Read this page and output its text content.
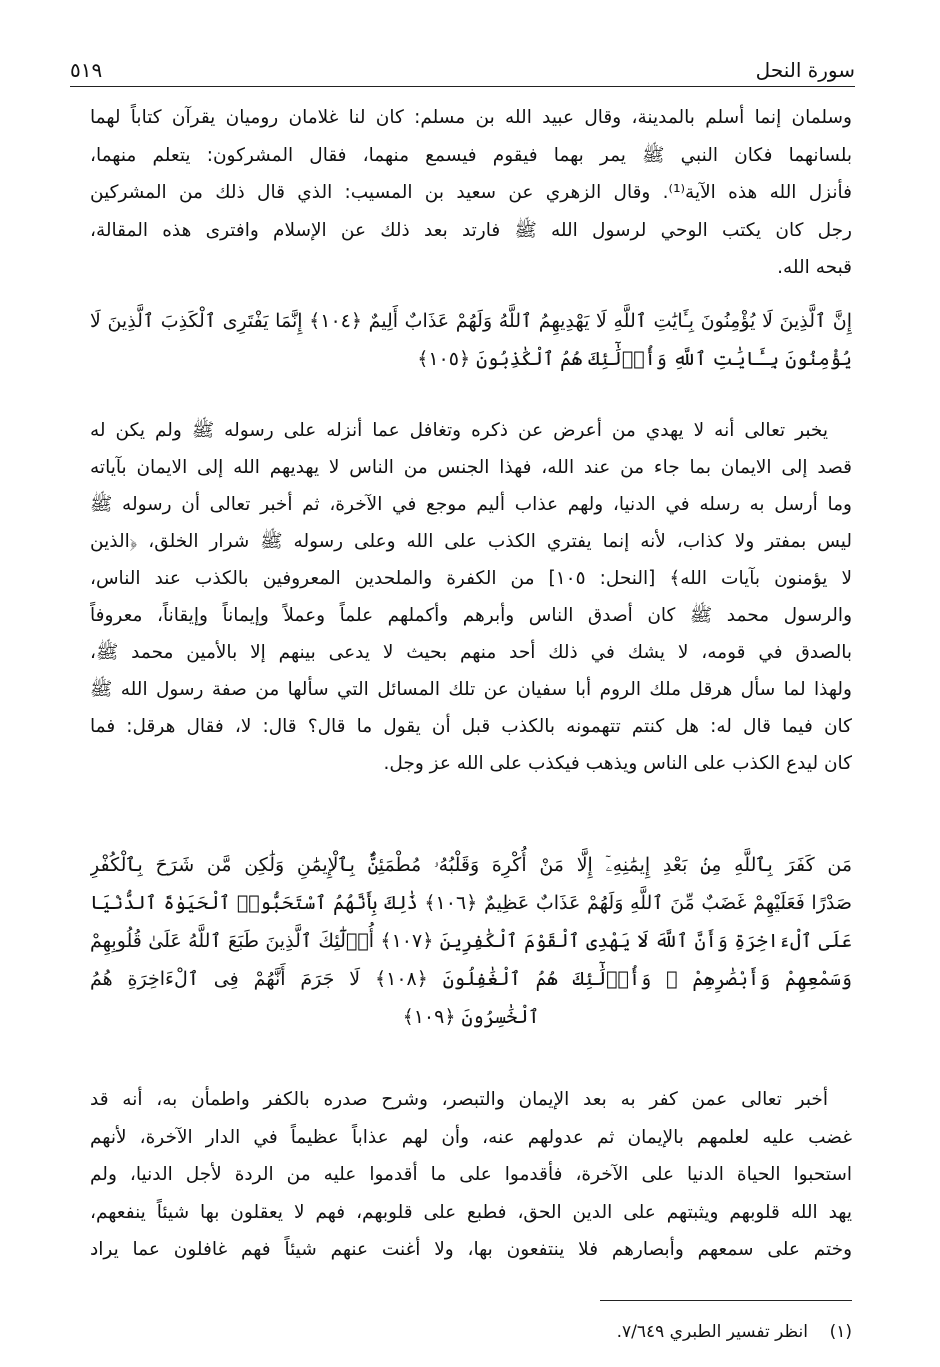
سورة النحل
٥١٩
وسلمان إنما أسلم بالمدينة، وقال عبيد الله بن مسلم: كان لنا غلامان روميان يقرآن كتاباً لهما
بلسانهما فكان النبي ﷺ يمر بهما فيقوم فيسمع منهما، فقال المشركون: يتعلم منهما،
فأنزل الله هذه الآية⁽¹⁾. وقال الزهري عن سعيد بن المسيب: الذي قال ذلك من المشركين
رجل كان يكتب الوحي لرسول الله ﷺ فارتد بعد ذلك عن الإسلام وافترى هذه المقالة،
قبحه الله.
إِنَّ ٱلَّذِينَ لَا يُؤْمِنُونَ بِـَٔايَٰتِ ٱللَّهِ لَا يَهْدِيهِمُ ٱللَّهُ وَلَهُمْ عَذَابٌ أَلِيمٌ ﴿١٠٤﴾ إِنَّمَا يَفْتَرِى ٱلْكَذِبَ ٱلَّذِينَ لَا
يُؤْمِنُونَ بِـَٔايَٰتِ ٱللَّهِ وَأُو۟لَٰٓئِكَ هُمُ ٱلْكَٰذِبُونَ ﴿١٠٥﴾
يخبر تعالى أنه لا يهدي من أعرض عن ذكره وتغافل عما أنزله على رسوله ﷺ ولم يكن له
قصد إلى الايمان بما جاء من عند الله، فهذا الجنس من الناس لا يهديهم الله إلى الايمان بآياته
وما أرسل به رسله في الدنيا، ولهم عذاب أليم موجع في الآخرة، ثم أخبر تعالى أن رسوله ﷺ
ليس بمفتر ولا كذاب، لأنه إنما يفتري الكذب على الله وعلى رسوله ﷺ شرار الخلق، ﴿الذين
لا يؤمنون بآيات الله﴾ [النحل: ١٠٥] من الكفرة والملحدين المعروفين بالكذب عند الناس،
والرسول محمد ﷺ كان أصدق الناس وأبرهم وأكملهم علماً وعملاً وإيماناً وإيقاناً، معروفاً
بالصدق في قومه، لا يشك في ذلك أحد منهم بحيث لا يدعى بينهم إلا بالأمين محمد ﷺ،
ولهذا لما سأل هرقل ملك الروم أبا سفيان عن تلك المسائل التي سألها من صفة رسول الله ﷺ
كان فيما قال له: هل كنتم تتهمونه بالكذب قبل أن يقول ما قال؟ قال: لا، فقال هرقل: فما
كان ليدع الكذب على الناس ويذهب فيكذب على الله عز وجل.
مَن كَفَرَ بِٱللَّهِ مِنۢ بَعْدِ إِيمَٰنِهِۦٓ إِلَّا مَنْ أُكْرِهَ وَقَلْبُهُۥ مُطْمَئِنٌّۢ بِٱلْإِيمَٰنِ وَلَٰكِن مَّن شَرَحَ بِٱلْكُفْرِ
صَدْرًا فَعَلَيْهِمْ غَضَبٌ مِّنَ ٱللَّهِ وَلَهُمْ عَذَابٌ عَظِيمٌ ﴿١٠٦﴾ ذَٰلِكَ بِأَنَّهُمُ ٱسْتَحَبُّوا۟ ٱلْحَيَوٰةَ ٱلدُّنْيَا
عَلَى ٱلْءَاخِرَةِ وَأَنَّ ٱللَّهَ لَا يَهْدِى ٱلْقَوْمَ ٱلْكَٰفِرِينَ ﴿١٠٧﴾ أُو۟لَٰٓئِكَ ٱلَّذِينَ طَبَعَ ٱللَّهُ عَلَىٰ قُلُوبِهِمْ
وَسَمْعِهِمْ وَأَبْصَٰرِهِمْ ۖ وَأُو۟لَٰٓئِكَ هُمُ ٱلْغَٰفِلُونَ ﴿١٠٨﴾ لَا جَرَمَ أَنَّهُمْ فِى ٱلْءَاخِرَةِ هُمُ
ٱلْخَٰسِرُونَ ﴿١٠٩﴾
أخبر تعالى عمن كفر به بعد الإيمان والتبصر، وشرح صدره بالكفر واطمأن به، أنه قد
غضب عليه لعلمهم بالإيمان ثم عدولهم عنه، وأن لهم عذاباً عظيماً في الدار الآخرة، لأنهم
استحبوا الحياة الدنيا على الآخرة، فأقدموا على ما أقدموا عليه من الردة لأجل الدنيا، ولم
يهد الله قلوبهم ويثبتهم على الدين الحق، فطبع على قلوبهم، فهم لا يعقلون بها شيئاً ينفعهم،
وختم على سمعهم وأبصارهم فلا ينتفعون بها، ولا أغنت عنهم شيئاً فهم غافلون عما يراد
(١)    انظر تفسير الطبري ٧/٦٤٩.
